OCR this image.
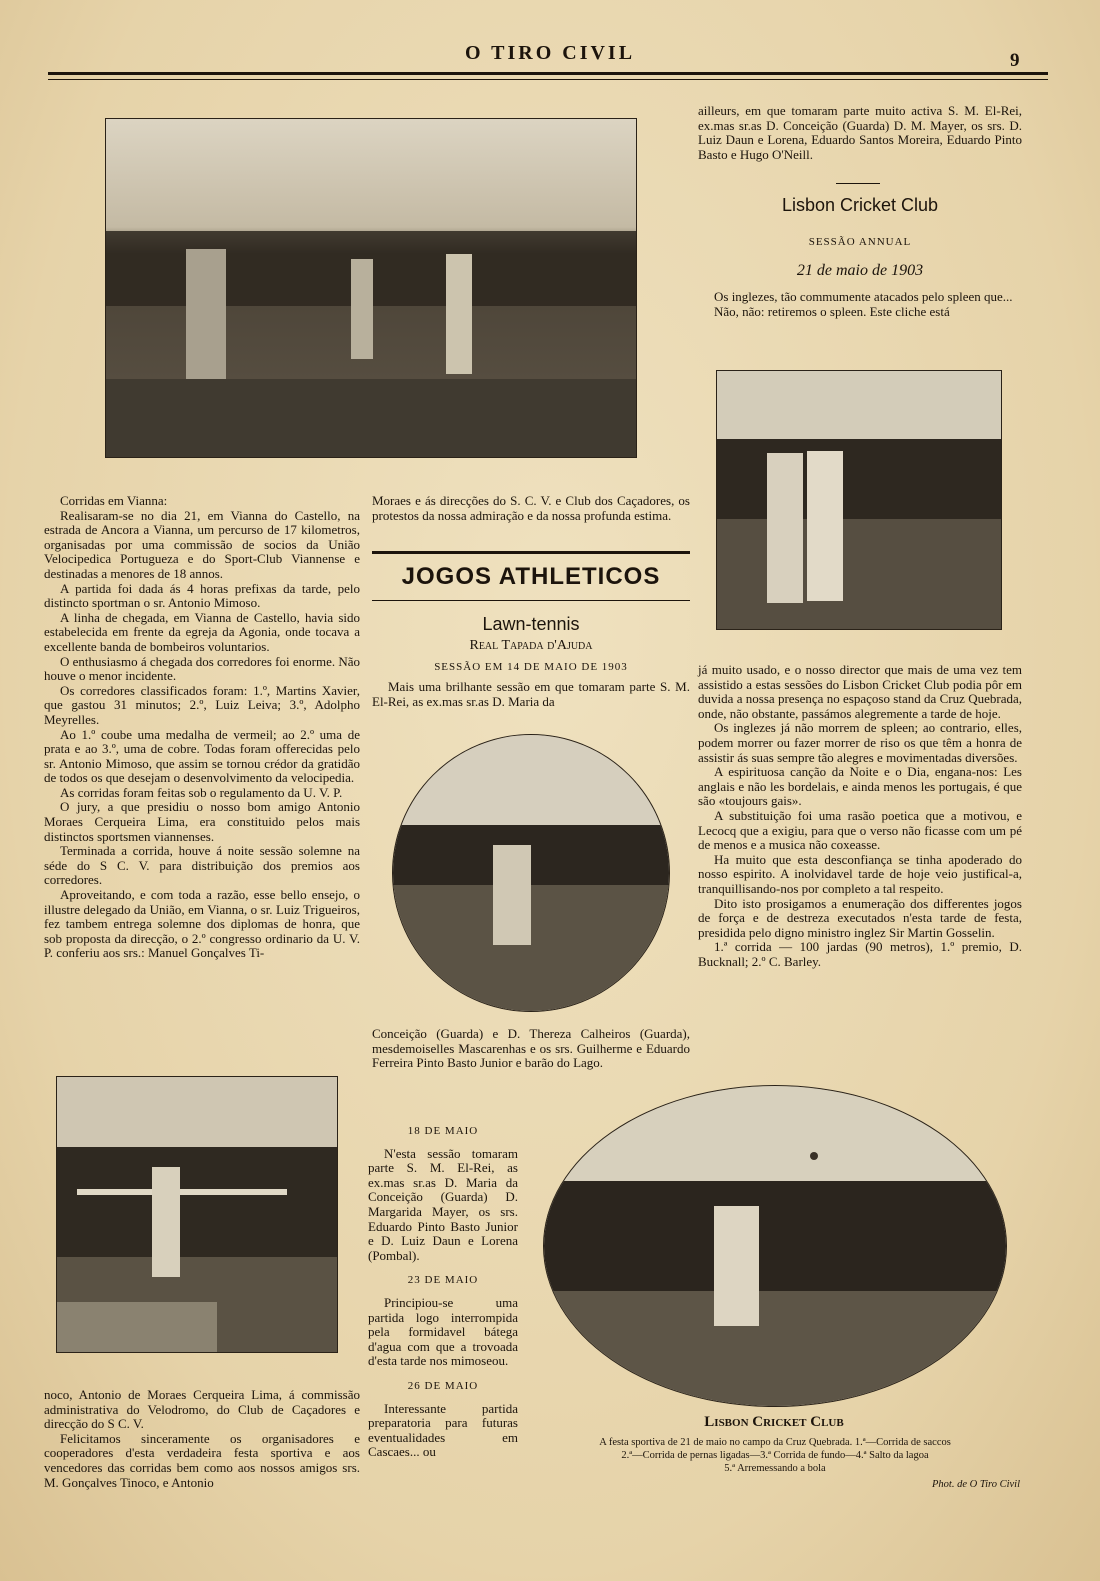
O TIRO CIVIL	9

Corridas em Vianna:

Realisaram-se no dia 21, em Vianna do Castello, na estrada de Ancora a Vianna, um percurso de 17 kilometros, organisadas por uma commissão de socios da União Velocipedica Portugueza e do Sport-Club Viannense e destinadas a menores de 18 annos.

A partida foi dada ás 4 horas prefixas da tarde, pelo distincto sportman o sr. Antonio Mimoso.

A linha de chegada, em Vianna de Castello, havia sido estabelecida em frente da egreja da Agonia, onde tocava a excellente banda de bombeiros voluntarios.

O enthusiasmo á chegada dos corredores foi enorme. Não houve o menor incidente.

Os corredores classificados foram: 1.º, Martins Xavier, que gastou 31 minutos; 2.º, Luiz Leiva; 3.º, Adolpho Meyrelles.

Ao 1.º coube uma medalha de vermeil; ao 2.º uma de prata e ao 3.º, uma de cobre. Todas foram offerecidas pelo sr. Antonio Mimoso, que assim se tornou crédor da gratidão de todos os que desejam o desenvolvimento da velocipedia.

As corridas foram feitas sob o regulamento da U. V. P.

O jury, a que presidiu o nosso bom amigo Antonio Moraes Cerqueira Lima, era constituido pelos mais distinctos sportsmen viannenses.

Terminada a corrida, houve á noite sessão solemne na séde do S C. V. para distribuição dos premios aos corredores.

Aproveitando, e com toda a razão, esse bello ensejo, o illustre delegado da União, em Vianna, o sr. Luiz Trigueiros, fez tambem entrega solemne dos diplomas de honra, que sob proposta da direcção, o 2.º congresso ordinario da U. V. P. conferiu aos srs.: Manuel Gonçalves Ti-

noco, Antonio de Moraes Cerqueira Lima, á commissão administrativa do Velodromo, do Club de Caçadores e direcção do S C. V.

Felicitamos sinceramente os organisadores e cooperadores d'esta verdadeira festa sportiva e aos vencedores das corridas bem como aos nossos amigos srs. M. Gonçalves Tinoco, e Antonio

Moraes e ás direcções do S. C. V. e Club dos Caçadores, os protestos da nossa admiração e da nossa profunda estima.

JOGOS ATHLETICOS
Lawn-tennis
Real Tapada d'Ajuda
SESSÃO EM 14 DE MAIO DE 1903

Mais uma brilhante sessão em que tomaram parte S. M. El-Rei, as ex.mas sr.as D. Maria da

Conceição (Guarda) e D. Thereza Calheiros (Guarda), mesdemoiselles Mascarenhas e os srs. Guilherme e Eduardo Ferreira Pinto Basto Junior e barão do Lago.

18 DE MAIO

N'esta sessão tomaram parte S. M. El-Rei, as ex.mas sr.as D. Maria da Conceição (Guarda) D. Margarida Mayer, os srs. Eduardo Pinto Basto Junior e D. Luiz Daun e Lorena (Pombal).

23 DE MAIO

Principiou-se uma partida logo interrompida pela formidavel bátega d'agua com que a trovoada d'esta tarde nos mimoseou.

26 DE MAIO

Interessante partida preparatoria para futuras eventualidades em Cascaes... ou

ailleurs, em que tomaram parte muito activa S. M. El-Rei, ex.mas sr.as D. Conceição (Guarda) D. M. Mayer, os srs. D. Luiz Daun e Lorena, Eduardo Santos Moreira, Eduardo Pinto Basto e Hugo O'Neill.

Lisbon Cricket Club
SESSÃO ANNUAL
21 de maio de 1903

Os inglezes, tão commumente atacados pelo spleen que...

Não, não: retiremos o spleen. Este cliche está

já muito usado, e o nosso director que mais de uma vez tem assistido a estas sessões do Lisbon Cricket Club podia pôr em duvida a nossa presença no espaçoso stand da Cruz Quebrada, onde, não obstante, passámos alegremente a tarde de hoje.

Os inglezes já não morrem de spleen; ao contrario, elles, podem morrer ou fazer morrer de riso os que têm a honra de assistir ás suas sempre tão alegres e movimentadas diversões.

A espirituosa canção da Noite e o Dia, engana-nos: Les anglais e não les bordelais, e ainda menos les portugais, é que são «toujours gais».

A substituição foi uma rasão poetica que a motivou, e Lecocq que a exigiu, para que o verso não ficasse com um pé de menos e a musica não coxeasse.

Ha muito que esta desconfiança se tinha apoderado do nosso espirito. A inolvidavel tarde de hoje veio justifical-a, tranquillisando-nos por completo a tal respeito.

Dito isto prosigamos a enumeração dos differentes jogos de força e de destreza executados n'esta tarde de festa, presidida pelo digno ministro inglez Sir Martin Gosselin.

1.ª corrida — 100 jardas (90 metros), 1.º premio, D. Bucknall; 2.º C. Barley.

Lisbon Cricket Club
A festa sportiva de 21 de maio no campo da Cruz Quebrada. 1.ª—Corrida de saccos
2.ª—Corrida de pernas ligadas—3.ª Corrida de fundo—4.ª Salto da lagoa
5.ª Arremessando a bola
Phot. de O Tiro Civil
